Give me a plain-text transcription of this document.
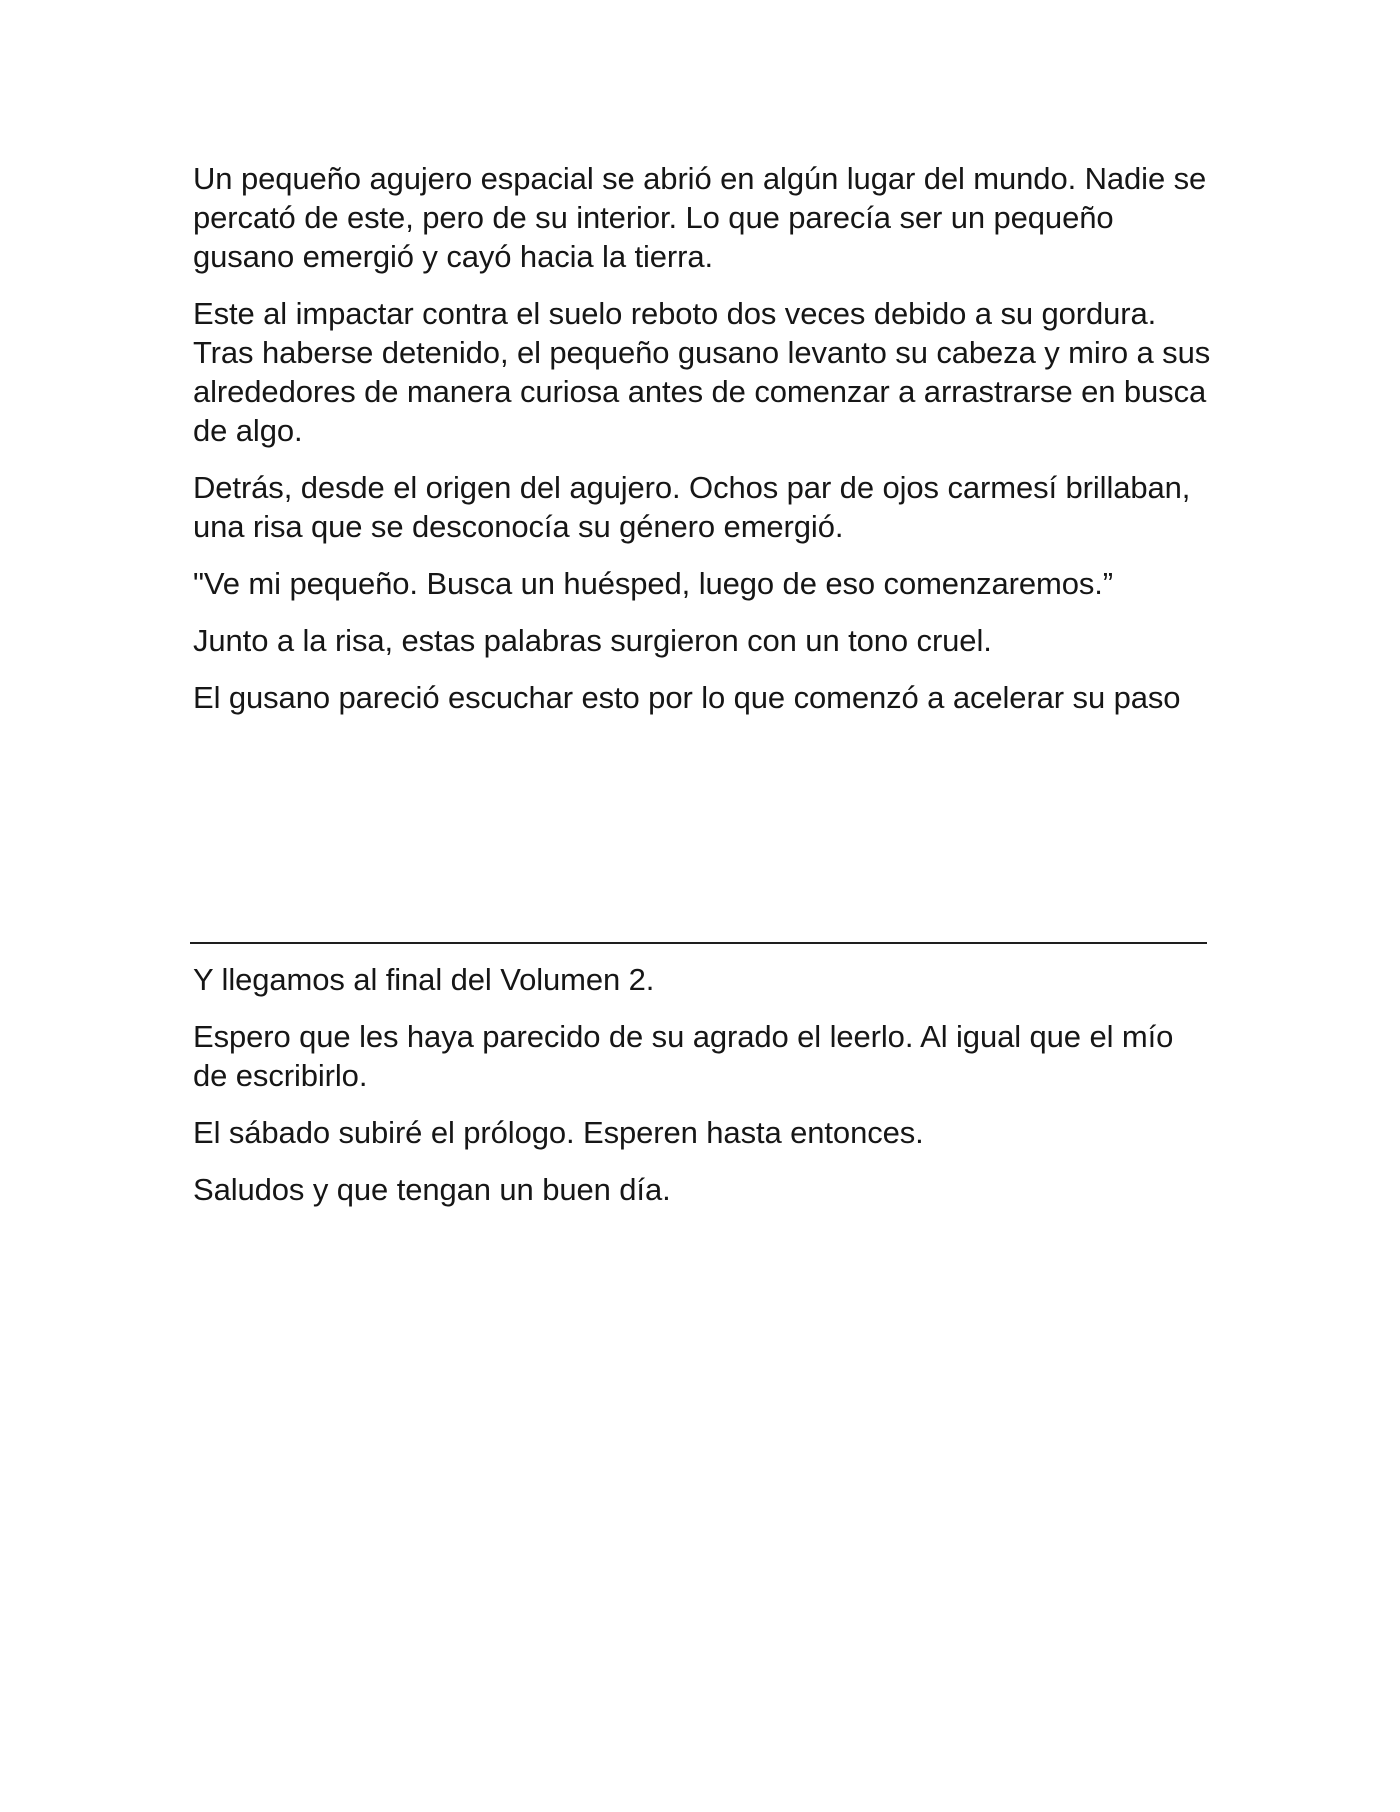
Un pequeño agujero espacial se abrió en algún lugar del mundo. Nadie se percató de este, pero de su interior. Lo que parecía ser un pequeño gusano emergió y cayó hacia la tierra.

Este al impactar contra el suelo reboto dos veces debido a su gordura. Tras haberse detenido, el pequeño gusano levanto su cabeza y miro a sus alrededores de manera curiosa antes de comenzar a arrastrarse en busca de algo.

Detrás, desde el origen del agujero. Ochos par de ojos carmesí brillaban, una risa que se desconocía su género emergió.

"Ve mi pequeño. Busca un huésped, luego de eso comenzaremos.”

Junto a la risa, estas palabras surgieron con un tono cruel.

El gusano pareció escuchar esto por lo que comenzó a acelerar su paso

Y llegamos al final del Volumen 2.

Espero que les haya parecido de su agrado el leerlo. Al igual que el mío de escribirlo.

El sábado subiré el prólogo. Esperen hasta entonces.

Saludos y que tengan un buen día.
